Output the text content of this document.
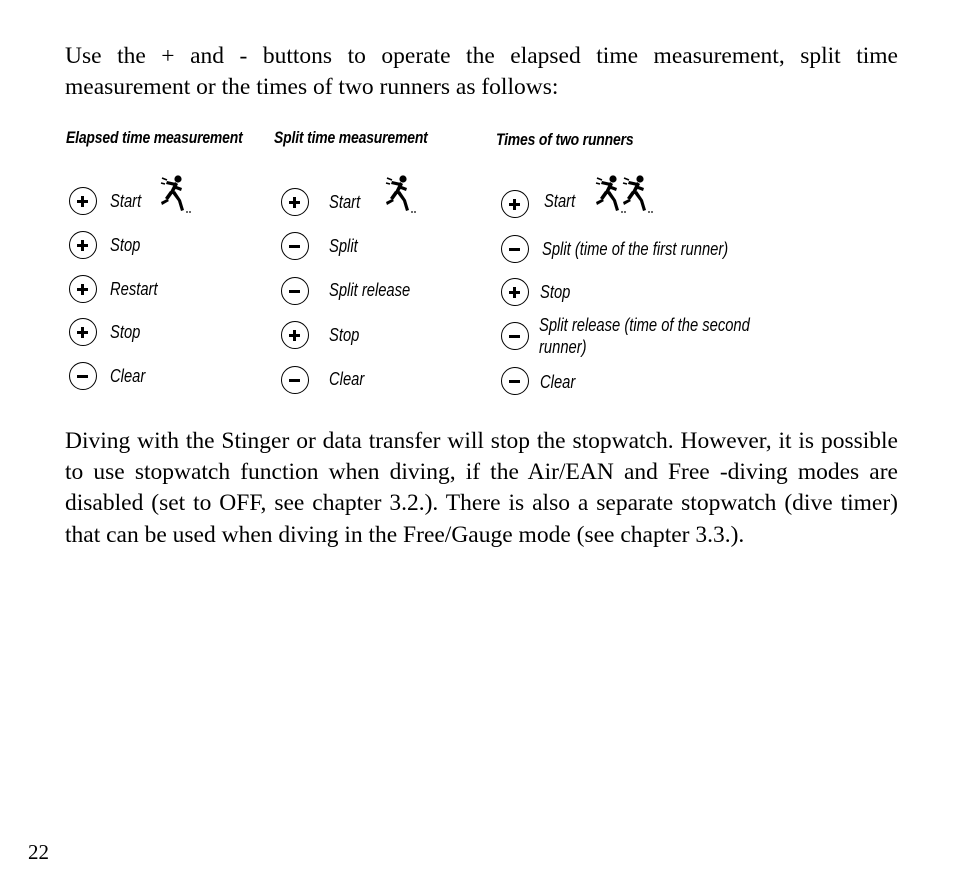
Use the + and - buttons to operate the elapsed time measurement, split time measurement or the times of two runners as follows:

Elapsed time measurement
Start
Stop
Restart
Stop
Clear
Split time measurement
Start
Split
Split release
Stop
Clear
Times of two runners
Start
Split (time of the first runner)
Stop
Split release (time of the second runner)
Clear

Diving with the Stinger or data transfer will stop the stopwatch. However, it is possible to use stopwatch function when diving, if the Air/EAN and Free -diving modes are disabled (set to OFF, see chapter 3.2.). There is also a separate stopwatch (dive timer) that can be used when diving in the Free/Gauge mode (see chapter 3.3.).

22
